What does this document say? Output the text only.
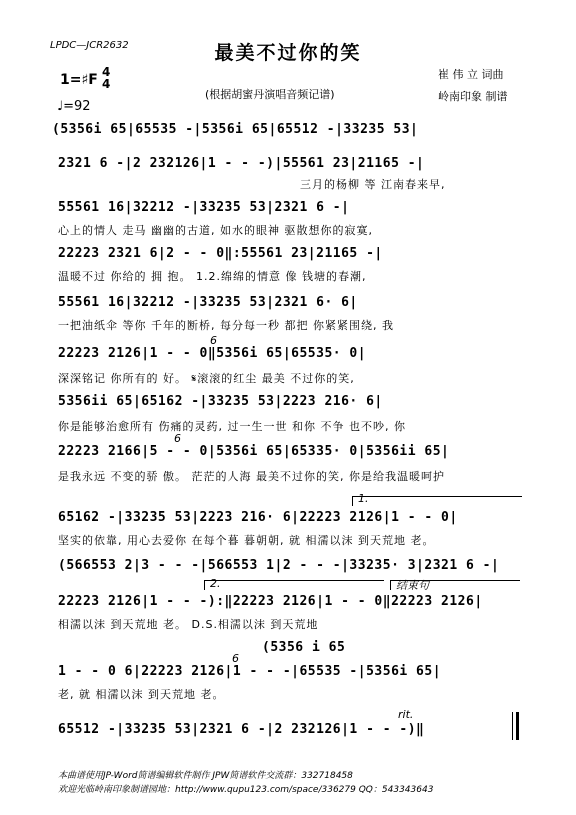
LPDC—JCR2632	最美不过你的笑
崔 伟 立 词曲
岭南印象 制谱
(根据胡蜜丹演唱音频记谱)
1=♯F 4
4
♩=92
(5356i 65|65535 -|5356i 65|65512 -|33235 53|
2321 6 -|2 232126|1 - - -)|55561 23|21165 -|
三月的杨柳 等 江南春来早,
55561 16|32212 -|33235 53|2321 6 -|
心上的情人 走马 幽幽的古道, 如水的眼神 驱散想你的寂寞,
22223 2321 6|2 - - 0‖:55561 23|21165 -|
温暖不过 你给的 拥 抱。 1.2.绵绵的情意 像 钱塘的春潮,
55561 16|32212 -|33235 53|2321 6· 6|
一把油纸伞 等你 千年的断桥, 每分每一秒 都把 你紧紧围绕, 我
6
22223 2126|1 - - 0‖5356i 65|65535· 0|
深深铭记 你所有的 好。 𝄋滚滚的红尘 最美 不过你的笑,
5356ii 65|65162 -|33235 53|2223 216· 6|
你是能够治愈所有 伤痛的灵药, 过一生一世 和你 不争 也不吵, 你
6
22223 2166|5 - - 0|5356i 65|65335· 0|5356ii 65|
是我永远 不变的骄 傲。 茫茫的人海 最美不过你的笑, 你是给我温暖呵护
1.
65162 -|33235 53|2223 216· 6|22223 2126|1 - - 0|
坚实的依靠, 用心去爱你 在每个暮 暮朝朝, 就 相濡以沫 到天荒地 老。
(566553 2|3 - - -|566553 1|2 - - -|33235· 3|2321 6 -|
2.	结束句
22223 2126|1 - - -):‖22223 2126|1 - - 0‖22223 2126|
相濡以沫 到天荒地 老。 D.S.相濡以沫 到天荒地
(5356 i 65
6
1 - - 0 6|22223 2126|1 - - -|65535 -|5356i 65|
老, 就 相濡以沫 到天荒地 老。
rit.
65512 -|33235 53|2321 6 -|2 232126|1 - - -)‖
本曲谱使用JP-Word简谱编辑软件制作 JPW简谱软件交流群：332718458
欢迎光临岭南印象制谱园地：http://www.qupu123.com/space/336279 QQ：543343643
